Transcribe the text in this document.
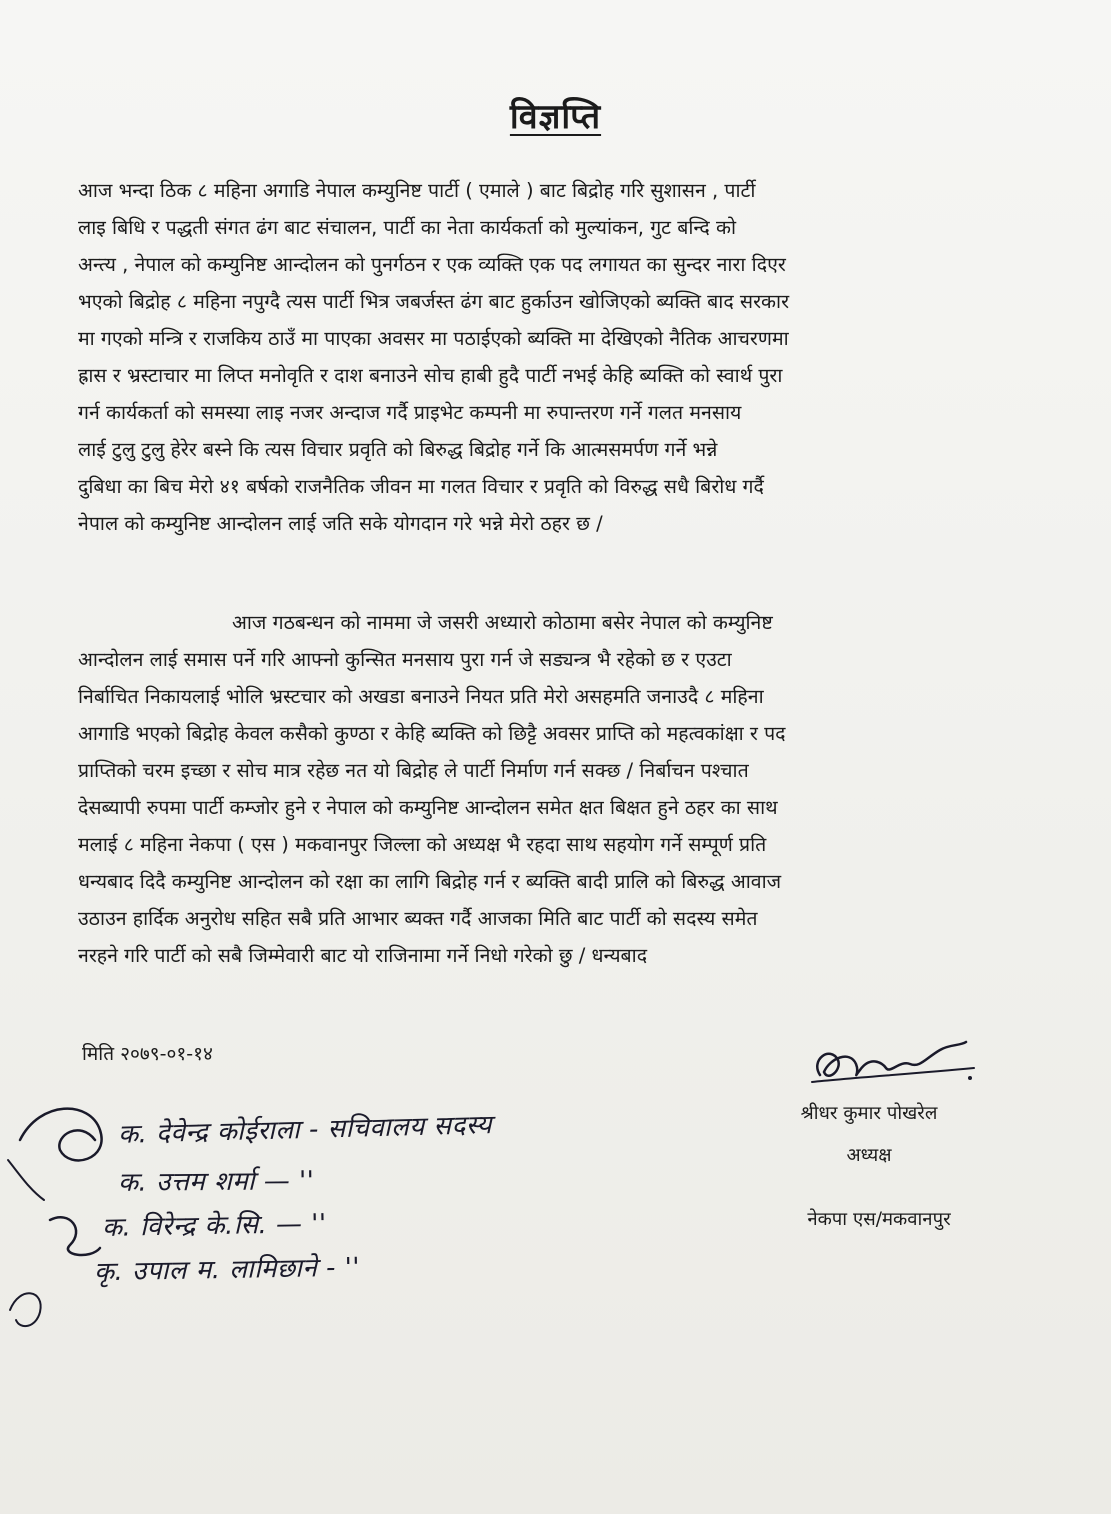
विज्ञप्ति

आज भन्दा ठिक ८ महिना अगाडि नेपाल कम्युनिष्ट पार्टी ( एमाले ) बाट बिद्रोह गरि सुशासन , पार्टी
लाइ बिधि र पद्धती संगत ढंग बाट संचालन, पार्टी का नेता कार्यकर्ता को मुल्यांकन, गुट बन्दि को
अन्त्य , नेपाल को कम्युनिष्ट आन्दोलन को पुनर्गठन र एक व्यक्ति एक पद लगायत का सुन्दर नारा दिएर
भएको बिद्रोह ८ महिना नपुग्दै त्यस पार्टी भित्र जबर्जस्त ढंग बाट हुर्काउन खोजिएको ब्यक्ति बाद सरकार
मा गएको मन्त्रि र राजकिय ठाउँ मा पाएका अवसर मा पठाईएको ब्यक्ति मा देखिएको नैतिक आचरणमा
ह्रास र भ्रस्टाचार मा लिप्त मनोवृति र दाश बनाउने सोच हाबी हुदै पार्टी नभई केहि ब्यक्ति को स्वार्थ पुरा
गर्न कार्यकर्ता को समस्या लाइ नजर अन्दाज गर्दै प्राइभेट कम्पनी मा रुपान्तरण गर्ने गलत मनसाय
लाई टुलु टुलु हेरेर बस्ने कि त्यस विचार प्रवृति को बिरुद्ध बिद्रोह गर्ने कि आत्मसमर्पण गर्ने भन्ने
दुबिधा का बिच मेरो ४१ बर्षको राजनैतिक जीवन मा गलत विचार र प्रवृति को विरुद्ध सधै बिरोध गर्दै
नेपाल को कम्युनिष्ट आन्दोलन लाई जति सके योगदान गरे भन्ने मेरो ठहर छ /

आज गठबन्धन को नाममा जे जसरी अध्यारो कोठामा बसेर नेपाल को कम्युनिष्ट
आन्दोलन लाई समास पर्ने गरि आफ्नो कुन्सित मनसाय पुरा गर्न जे सड्यन्त्र भै रहेको छ र एउटा
निर्बाचित निकायलाई भोलि भ्रस्टचार को अखडा बनाउने नियत प्रति मेरो असहमति जनाउदै ८ महिना
आगाडि भएको बिद्रोह केवल कसैको कुण्ठा र केहि ब्यक्ति को छिट्टै अवसर प्राप्ति को महत्वकांक्षा र पद
प्राप्तिको चरम इच्छा र सोच मात्र रहेछ नत यो बिद्रोह ले पार्टी निर्माण गर्न सक्छ / निर्बाचन पश्चात
देसब्यापी रुपमा पार्टी कम्जोर हुने र नेपाल को कम्युनिष्ट आन्दोलन समेत क्षत बिक्षत हुने ठहर का साथ
मलाई ८ महिना नेकपा ( एस ) मकवानपुर जिल्ला को अध्यक्ष भै रहदा साथ सहयोग गर्ने सम्पूर्ण प्रति
धन्यबाद दिदै कम्युनिष्ट आन्दोलन को रक्षा का लागि बिद्रोह गर्न र ब्यक्ति बादी प्रालि को बिरुद्ध आवाज
उठाउन हार्दिक अनुरोध सहित सबै प्रति आभार ब्यक्त गर्दै आजका मिति बाट पार्टी को सदस्य समेत
नरहने गरि पार्टी को सबै जिम्मेवारी बाट यो राजिनामा गर्ने निधो गरेको छु / धन्यबाद

मिति २०७९-०१-१४
श्रीधर कुमार पोखरेल
अध्यक्ष
नेकपा एस/मकवानपुर
क. देवेन्द्र कोईराला - सचिवालय सदस्य
क. उत्तम शर्मा — ''
क. विरेन्द्र के.सि. — ''
कृ. उपाल म. लामिछाने - ''
